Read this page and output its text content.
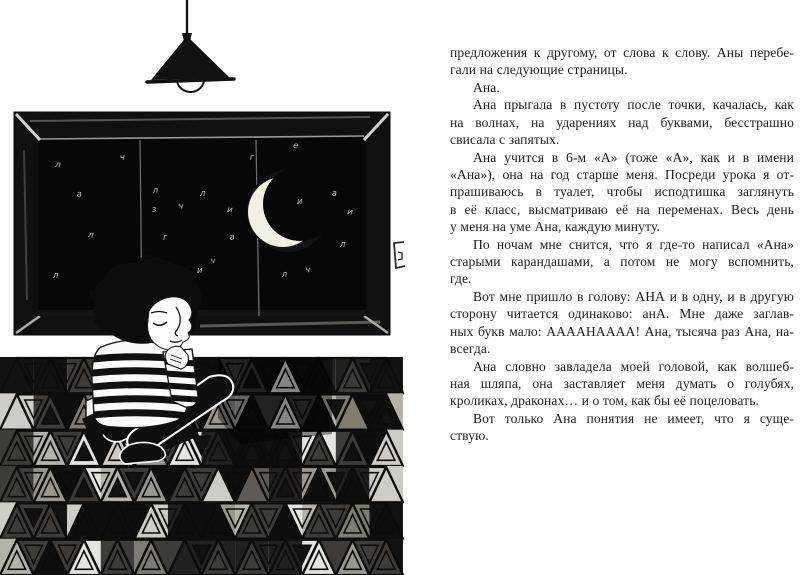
а
л
ч
л
ч
л
з	и
г	а
ч
и
г
е
и
а
и
л
л ч
л
л
предложения к другому, от слова к слову. Аны перебе-
гали на следующие страницы.
Ана.
Ана прыгала в пустоту после точки, качалась, как
на волнах, на ударениях над буквами, бесстрашно
свисала с запятых.
Ана учится в 6-м «А» (тоже «А», как и в имени
«Ана»), она на год старше меня. Посреди урока я от-
прашиваюсь в туалет, чтобы исподтишка заглянуть
в её класс, высматриваю её на переменах. Весь день
у меня на уме Ана, каждую минуту.
По ночам мне снится, что я где-то написал «Ана»
старыми карандашами, а потом не могу вспомнить,
где.
Вот мне пришло в голову: АНА и в одну, и в другую
сторону читается одинаково: анА. Мне даже заглав-
ных букв мало: ААААНАААА! Ана, тысяча раз Ана, на-
всегда.
Ана словно завладела моей головой, как волшеб-
ная шляпа, она заставляет меня думать о голубях,
кроликах, драконах… и о том, как бы её поцеловать.
Вот только Ана понятия не имеет, что я суще-
ствую.
